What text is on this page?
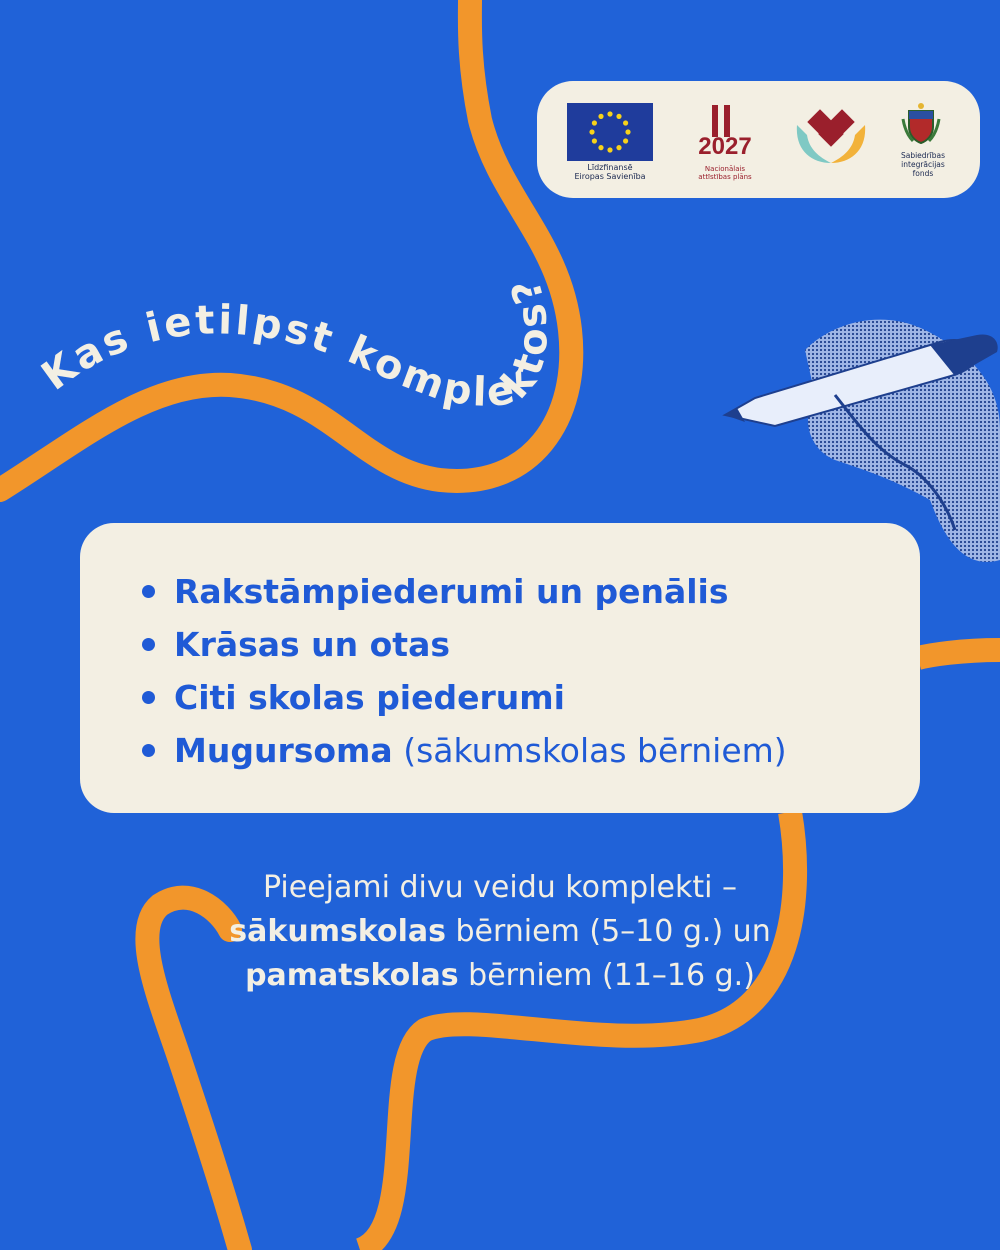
Līdzfinansē
Eiropas Savienība
2027
Nacionālais
attīstības plāns
Sabiedrības integrācijas
fonds
Kas ietilpst komplektos?
Rakstāmpiederumi un penālis
Krāsas un otas
Citi skolas piederumi
Mugursoma (sākumskolas bērniem)
Pieejami divu veidu komplekti –
sākumskolas bērniem (5–10 g.) un
pamatskolas bērniem (11–16 g.)
